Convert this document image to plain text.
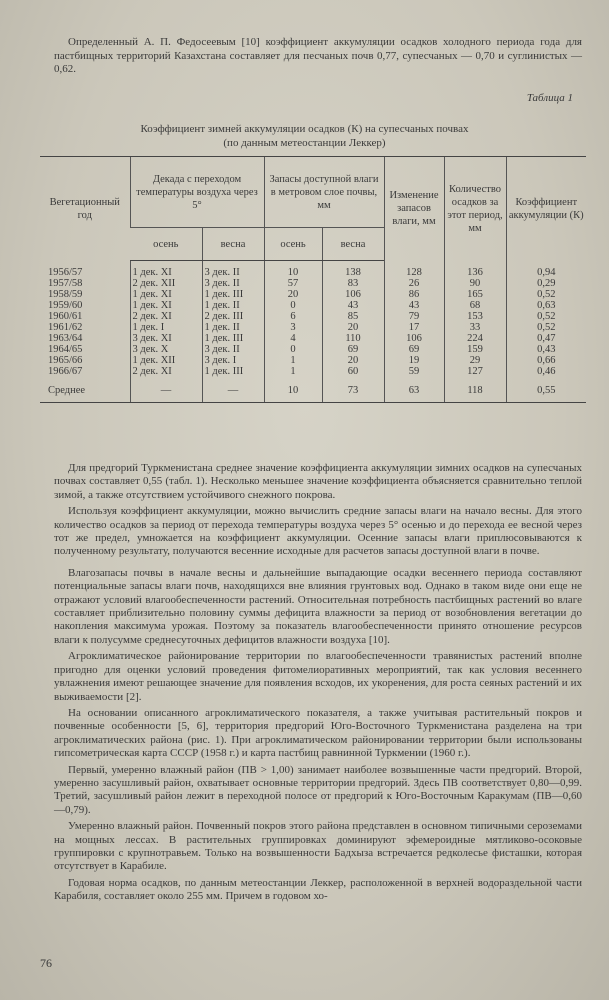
Определенный А. П. Федосеевым [10] коэффициент аккумуляции осадков холодного периода года для пастбищных территорий Казахстана составляет для песчаных почв 0,77, супесчаных — 0,70 и суглинистых — 0,62.
Таблица 1
Коэффициент зимней аккумуляции осадков (К) на супесчаных почвах
(по данным метеостанции Леккер)
Вегетационный год	Декада с переходом температуры воздуха через 5°		Запасы доступной влаги в метровом слое почвы, мм		Изменение запасов влаги, мм	Количество осадков за этот период, мм	Коэффициент аккумуляции (К)
	осень	весна	осень	весна			
1956/57	1 дек. XI	3 дек. II	10	138	128	136	0,94
1957/58	2 дек. XII	3 дек. II	57	83	26	90	0,29
1958/59	1 дек. XI	1 дек. III	20	106	86	165	0,52
1959/60	1 дек. XI	1 дек. II	0	43	43	68	0,63
1960/61	2 дек. XI	2 дек. III	6	85	79	153	0,52
1961/62	1 дек. I	1 дек. II	3	20	17	33	0,52
1963/64	3 дек. XI	1 дек. III	4	110	106	224	0,47
1964/65	3 дек. X	3 дек. II	0	69	69	159	0,43
1965/66	1 дек. XII	3 дек. I	1	20	19	29	0,66
1966/67	2 дек. XI	1 дек. III	1	60	59	127	0,46
Среднее	—	—	10	73	63	118	0,55

Для предгорий Туркменистана среднее значение коэффициента аккумуляции зимних осадков на супесчаных почвах составляет 0,55 (табл. 1). Несколько меньшее значение коэффициента объясняется сравнительно теплой зимой, а также отсутствием устойчивого снежного покрова.

Используя коэффициент аккумуляции, можно вычислить средние запасы влаги на начало весны. Для этого количество осадков за период от перехода температуры воздуха через 5° осенью и до перехода ее весной через тот же предел, умножается на коэффициент аккумуляции. Осенние запасы влаги приплюсовываются к полученному результату, получаются весенние исходные для расчетов запасы доступной влаги в почве.

Влагозапасы почвы в начале весны и дальнейшие выпадающие осадки весеннего периода составляют потенциальные запасы влаги почв, находящихся вне влияния грунтовых вод. Однако в таком виде они еще не отражают условий влагообеспеченности растений. Относительная потребность пастбищных растений во влаге составляет приблизительно половину суммы дефицита влажности за период от возобновления вегетации до накопления максимума урожая. Поэтому за показатель влагообеспеченности принято отношение ресурсов влаги к полусумме среднесуточных дефицитов влажности воздуха [10].

Агроклиматическое районирование территории по влагообеспеченности травянистых растений вполне пригодно для оценки условий проведения фитомелиоративных мероприятий, так как условия весеннего увлажнения имеют решающее значение для появления всходов, их укоренения, для роста сеяных растений и их выживаемости [2].

На основании описанного агроклиматического показателя, а также учитывая растительный покров и почвенные особенности [5, 6], территория предгорий Юго-Восточного Туркменистана разделена на три агроклиматических района (рис. 1). При агроклиматическом районировании территории были использованы гипсометрическая карта СССР (1958 г.) и карта пастбищ равнинной Туркмении (1960 г.).

Первый, умеренно влажный район (ПВ > 1,00) занимает наиболее возвышенные части предгорий. Второй, умеренно засушливый район, охватывает основные территории предгорий. Здесь ПВ соответствует 0,80—0,99. Третий, засушливый район лежит в переходной полосе от предгорий к Юго-Восточным Каракумам (ПВ—0,60—0,79).

Умеренно влажный район. Почвенный покров этого района представлен в основном типичными сероземами на мощных лессах. В растительных группировках доминируют эфемероидные мятликово-осоковые группировки с крупнотравьем. Только на возвышенности Бадхыза встречается редколесье фисташки, которая отсутствует в Карабиле.

Годовая норма осадков, по данным метеостанции Леккер, расположенной в верхней водораздельной части Карабиля, составляет около 255 мм. Причем в годовом хо-

76
